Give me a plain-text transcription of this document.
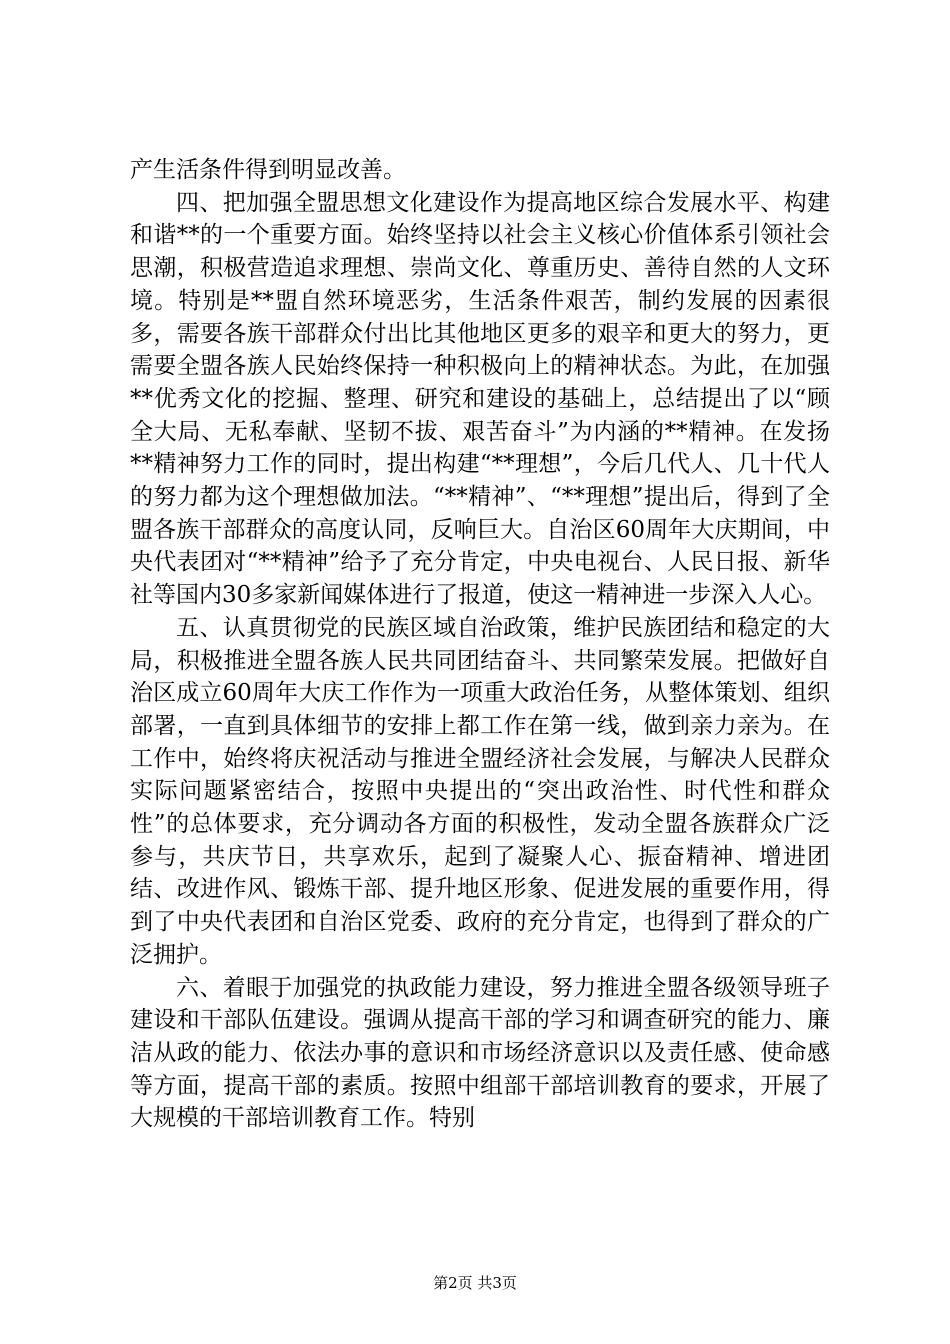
产生活条件得到明显改善。

四、把加强全盟思想文化建设作为提高地区综合发展水平、构建和谐**的一个重要方面。始终坚持以社会主义核心价值体系引领社会思潮，积极营造追求理想、崇尚文化、尊重历史、善待自然的人文环境。特别是**盟自然环境恶劣，生活条件艰苦，制约发展的因素很多，需要各族干部群众付出比其他地区更多的艰辛和更大的努力，更需要全盟各族人民始终保持一种积极向上的精神状态。为此，在加强**优秀文化的挖掘、整理、研究和建设的基础上，总结提出了以“顾全大局、无私奉献、坚韧不拔、艰苦奋斗”为内涵的**精神。在发扬**精神努力工作的同时，提出构建“**理想”，今后几代人、几十代人的努力都为这个理想做加法。“**精神”、“**理想”提出后，得到了全盟各族干部群众的高度认同，反响巨大。自治区60周年大庆期间，中央代表团对“**精神”给予了充分肯定，中央电视台、人民日报、新华社等国内30多家新闻媒体进行了报道，使这一精神进一步深入人心。

五、认真贯彻党的民族区域自治政策，维护民族团结和稳定的大局，积极推进全盟各族人民共同团结奋斗、共同繁荣发展。把做好自治区成立60周年大庆工作作为一项重大政治任务，从整体策划、组织部署，一直到具体细节的安排上都工作在第一线，做到亲力亲为。在工作中，始终将庆祝活动与推进全盟经济社会发展，与解决人民群众实际问题紧密结合，按照中央提出的“突出政治性、时代性和群众性”的总体要求，充分调动各方面的积极性，发动全盟各族群众广泛参与，共庆节日，共享欢乐，起到了凝聚人心、振奋精神、增进团结、改进作风、锻炼干部、提升地区形象、促进发展的重要作用，得到了中央代表团和自治区党委、政府的充分肯定，也得到了群众的广泛拥护。

六、着眼于加强党的执政能力建设，努力推进全盟各级领导班子建设和干部队伍建设。强调从提高干部的学习和调查研究的能力、廉洁从政的能力、依法办事的意识和市场经济意识以及责任感、使命感等方面，提高干部的素质。按照中组部干部培训教育的要求，开展了大规模的干部培训教育工作。特别

第2页 共3页
